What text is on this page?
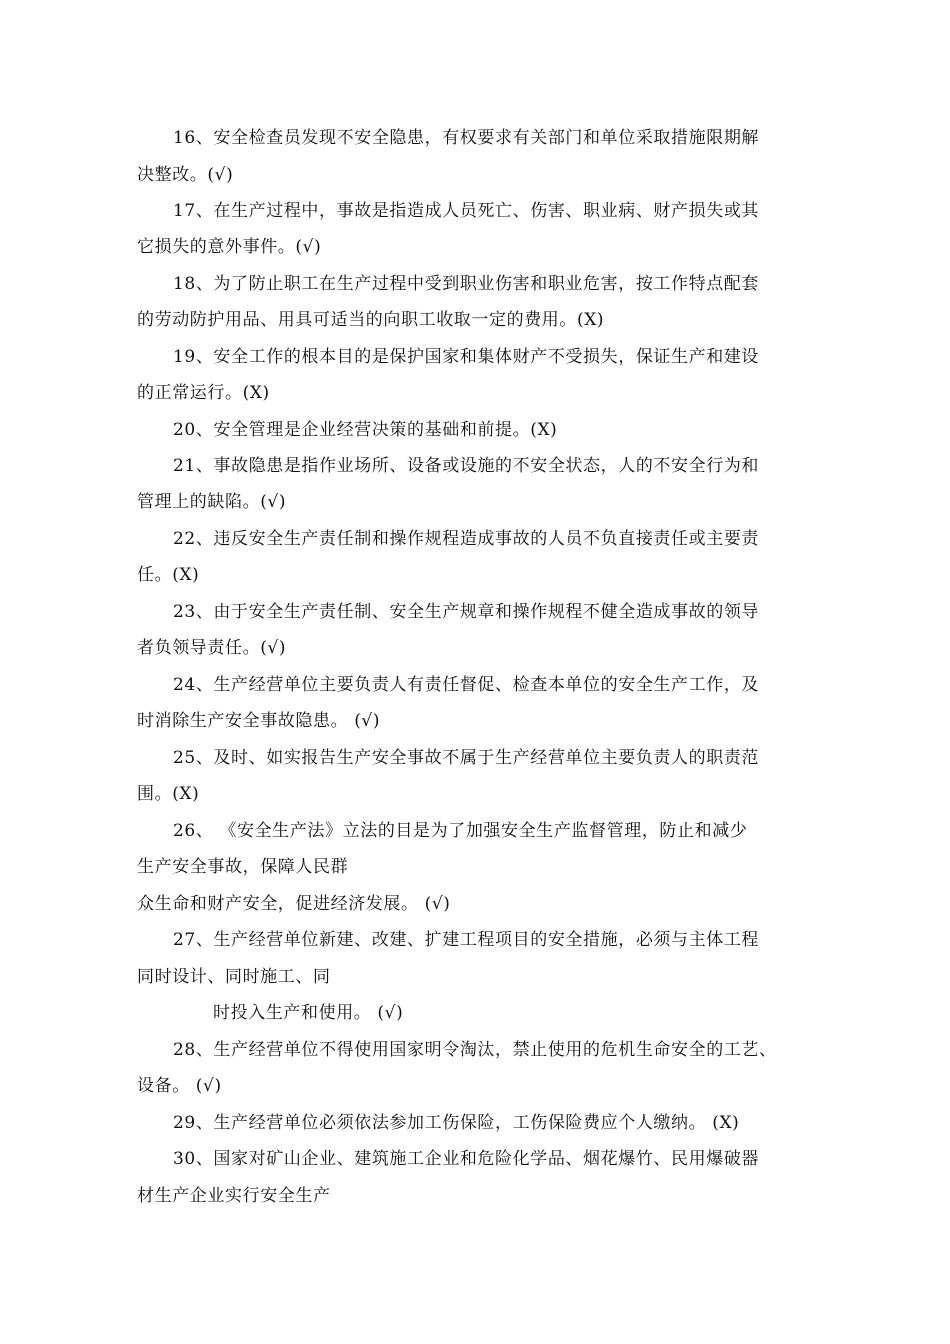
16、安全检查员发现不安全隐患，有权要求有关部门和单位采取措施限期解
决整改。(√)
17、在生产过程中，事故是指造成人员死亡、伤害、职业病、财产损失或其
它损失的意外事件。(√)
18、为了防止职工在生产过程中受到职业伤害和职业危害，按工作特点配套
的劳动防护用品、用具可适当的向职工收取一定的费用。(X)
19、安全工作的根本目的是保护国家和集体财产不受损失，保证生产和建设
的正常运行。(X)
20、安全管理是企业经营决策的基础和前提。(X)
21、事故隐患是指作业场所、设备或设施的不安全状态，人的不安全行为和
管理上的缺陷。(√)
22、违反安全生产责任制和操作规程造成事故的人员不负直接责任或主要责
任。(X)
23、由于安全生产责任制、安全生产规章和操作规程不健全造成事故的领导
者负领导责任。(√)
24、生产经营单位主要负责人有责任督促、检查本单位的安全生产工作，及
时消除生产安全事故隐患。 (√)
25、及时、如实报告生产安全事故不属于生产经营单位主要负责人的职责范
围。(X)
26、 《安全生产法》立法的目是为了加强安全生产监督管理，防止和减少
生产安全事故，保障人民群
众生命和财产安全，促进经济发展。 (√)
27、生产经营单位新建、改建、扩建工程项目的安全措施，必须与主体工程
同时设计、同时施工、同
时投入生产和使用。 (√)
28、生产经营单位不得使用国家明令淘汰，禁止使用的危机生命安全的工艺、
设备。 (√)
29、生产经营单位必须依法参加工伤保险，工伤保险费应个人缴纳。 (X)
30、国家对矿山企业、建筑施工企业和危险化学品、烟花爆竹、民用爆破器
材生产企业实行安全生产
